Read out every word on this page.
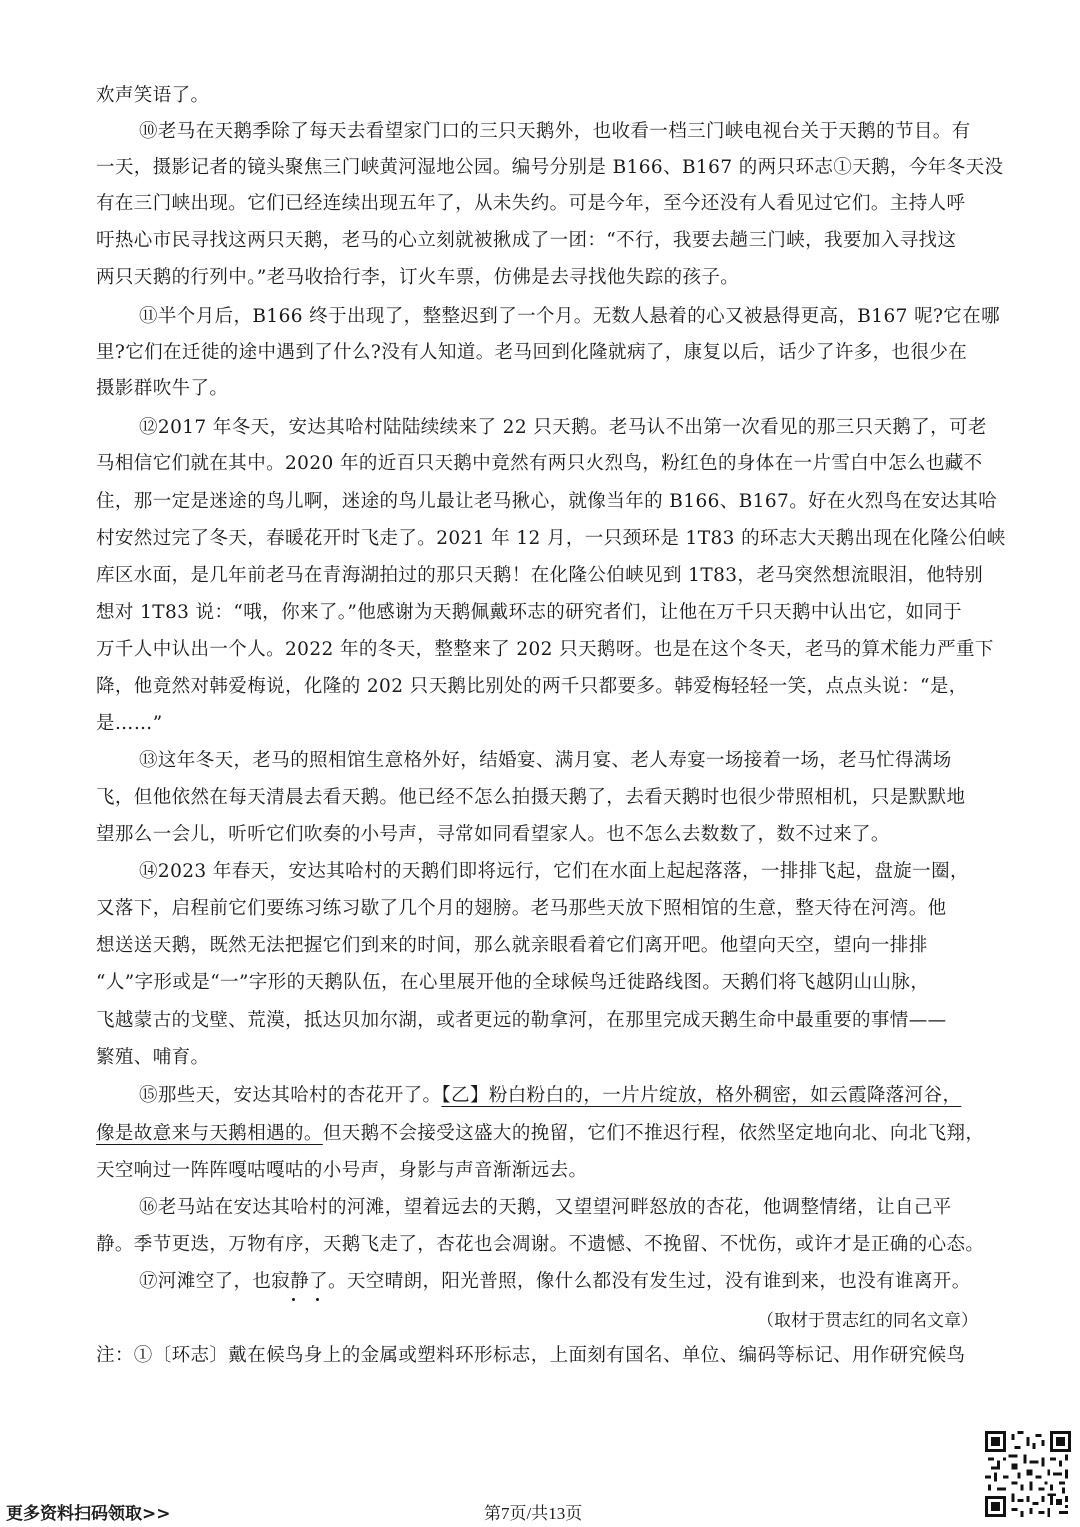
欢声笑语了。
⑩老马在天鹅季除了每天去看望家门口的三只天鹅外，也收看一档三门峡电视台关于天鹅的节目。有
一天，摄影记者的镜头聚焦三门峡黄河湿地公园。编号分别是 B166、B167 的两只环志①天鹅，今年冬天没
有在三门峡出现。它们已经连续出现五年了，从未失约。可是今年，至今还没有人看见过它们。主持人呼
吁热心市民寻找这两只天鹅，老马的心立刻就被揪成了一团：“不行，我要去趟三门峡，我要加入寻找这
两只天鹅的行列中。”老马收拾行李，订火车票，仿佛是去寻找他失踪的孩子。
⑪半个月后，B166 终于出现了，整整迟到了一个月。无数人悬着的心又被悬得更高，B167 呢?它在哪
里?它们在迁徙的途中遇到了什么?没有人知道。老马回到化隆就病了，康复以后，话少了许多，也很少在
摄影群吹牛了。
⑫2017 年冬天，安达其哈村陆陆续续来了 22 只天鹅。老马认不出第一次看见的那三只天鹅了，可老
马相信它们就在其中。2020 年的近百只天鹅中竟然有两只火烈鸟，粉红色的身体在一片雪白中怎么也藏不
住，那一定是迷途的鸟儿啊，迷途的鸟儿最让老马揪心，就像当年的 B166、B167。好在火烈鸟在安达其哈
村安然过完了冬天，春暖花开时飞走了。2021 年 12 月，一只颈环是 1T83 的环志大天鹅出现在化隆公伯峡
库区水面，是几年前老马在青海湖拍过的那只天鹅！在化隆公伯峡见到 1T83，老马突然想流眼泪，他特别
想对 1T83 说：“哦，你来了。”他感谢为天鹅佩戴环志的研究者们，让他在万千只天鹅中认出它，如同于
万千人中认出一个人。2022 年的冬天，整整来了 202 只天鹅呀。也是在这个冬天，老马的算术能力严重下
降，他竟然对韩爱梅说，化隆的 202 只天鹅比别处的两千只都要多。韩爱梅轻轻一笑，点点头说：“是，
是……”
⑬这年冬天，老马的照相馆生意格外好，结婚宴、满月宴、老人寿宴一场接着一场，老马忙得满场
飞，但他依然在每天清晨去看天鹅。他已经不怎么拍摄天鹅了，去看天鹅时也很少带照相机，只是默默地
望那么一会儿，听听它们吹奏的小号声，寻常如同看望家人。也不怎么去数数了，数不过来了。
⑭2023 年春天，安达其哈村的天鹅们即将远行，它们在水面上起起落落，一排排飞起，盘旋一圈，
又落下，启程前它们要练习练习歇了几个月的翅膀。老马那些天放下照相馆的生意，整天待在河湾。他
想送送天鹅，既然无法把握它们到来的时间，那么就亲眼看着它们离开吧。他望向天空，望向一排排
“人”字形或是“一”字形的天鹅队伍，在心里展开他的全球候鸟迁徙路线图。天鹅们将飞越阴山山脉，
飞越蒙古的戈壁、荒漠，抵达贝加尔湖，或者更远的勒拿河，在那里完成天鹅生命中最重要的事情——
繁殖、哺育。
⑮那些天，安达其哈村的杏花开了。【乙】粉白粉白的，一片片绽放，格外稠密，如云霞降落河谷，
像是故意来与天鹅相遇的。但天鹅不会接受这盛大的挽留，它们不推迟行程，依然坚定地向北、向北飞翔，
天空响过一阵阵嘎咕嘎咕的小号声，身影与声音渐渐远去。
⑯老马站在安达其哈村的河滩，望着远去的天鹅，又望望河畔怒放的杏花，他调整情绪，让自己平
静。季节更迭，万物有序，天鹅飞走了，杏花也会凋谢。不遗憾、不挽留、不忧伤，或许才是正确的心态。
⑰河滩空了，也寂静了。天空晴朗，阳光普照，像什么都没有发生过，没有谁到来，也没有谁离开。
（取材于贯志红的同名文章）
注：①〔环志〕戴在候鸟身上的金属或塑料环形标志，上面刻有国名、单位、编码等标记、用作研究候鸟
更多资料扫码领取>>	第7页/共13页
